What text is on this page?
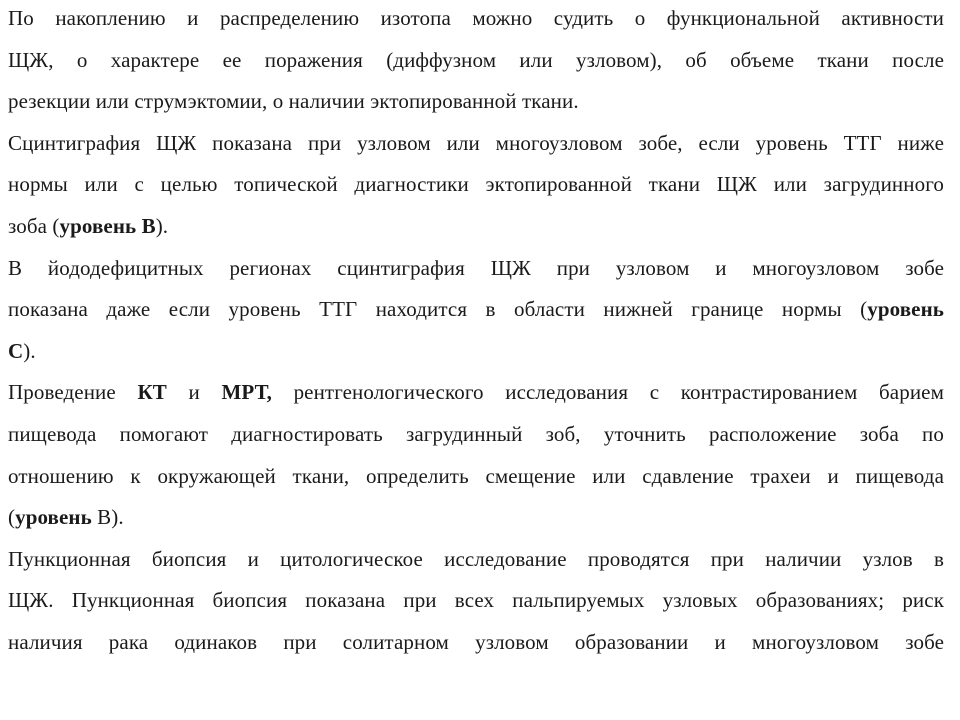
По накоплению и распределению изотопа можно судить о функциональной активности
ЩЖ, о характере ее поражения (диффузном или узловом), об объеме ткани после
резекции или струмэктомии, о наличии эктопированной ткани.
Сцинтиграфия ЩЖ показана при узловом или многоузловом зобе, если уровень ТТГ ниже
нормы или с целью топической диагностики эктопированной ткани ЩЖ или загрудинного
зоба (уровень В).
В йододефицитных регионах сцинтиграфия ЩЖ при узловом и многоузловом зобе
показана даже если уровень ТТГ находится в области нижней границе нормы (уровень
С).
Проведение КТ и МРТ, рентгенологического исследования с контрастированием барием
пищевода помогают диагностировать загрудинный зоб, уточнить расположение зоба по
отношению к окружающей ткани, определить смещение или сдавление трахеи и пищевода
(уровень В).
Пункционная биопсия и цитологическое исследование проводятся при наличии узлов в
ЩЖ. Пункционная биопсия показана при всех пальпируемых узловых образованиях; риск
наличия рака одинаков при солитарном узловом образовании и многоузловом зобе
